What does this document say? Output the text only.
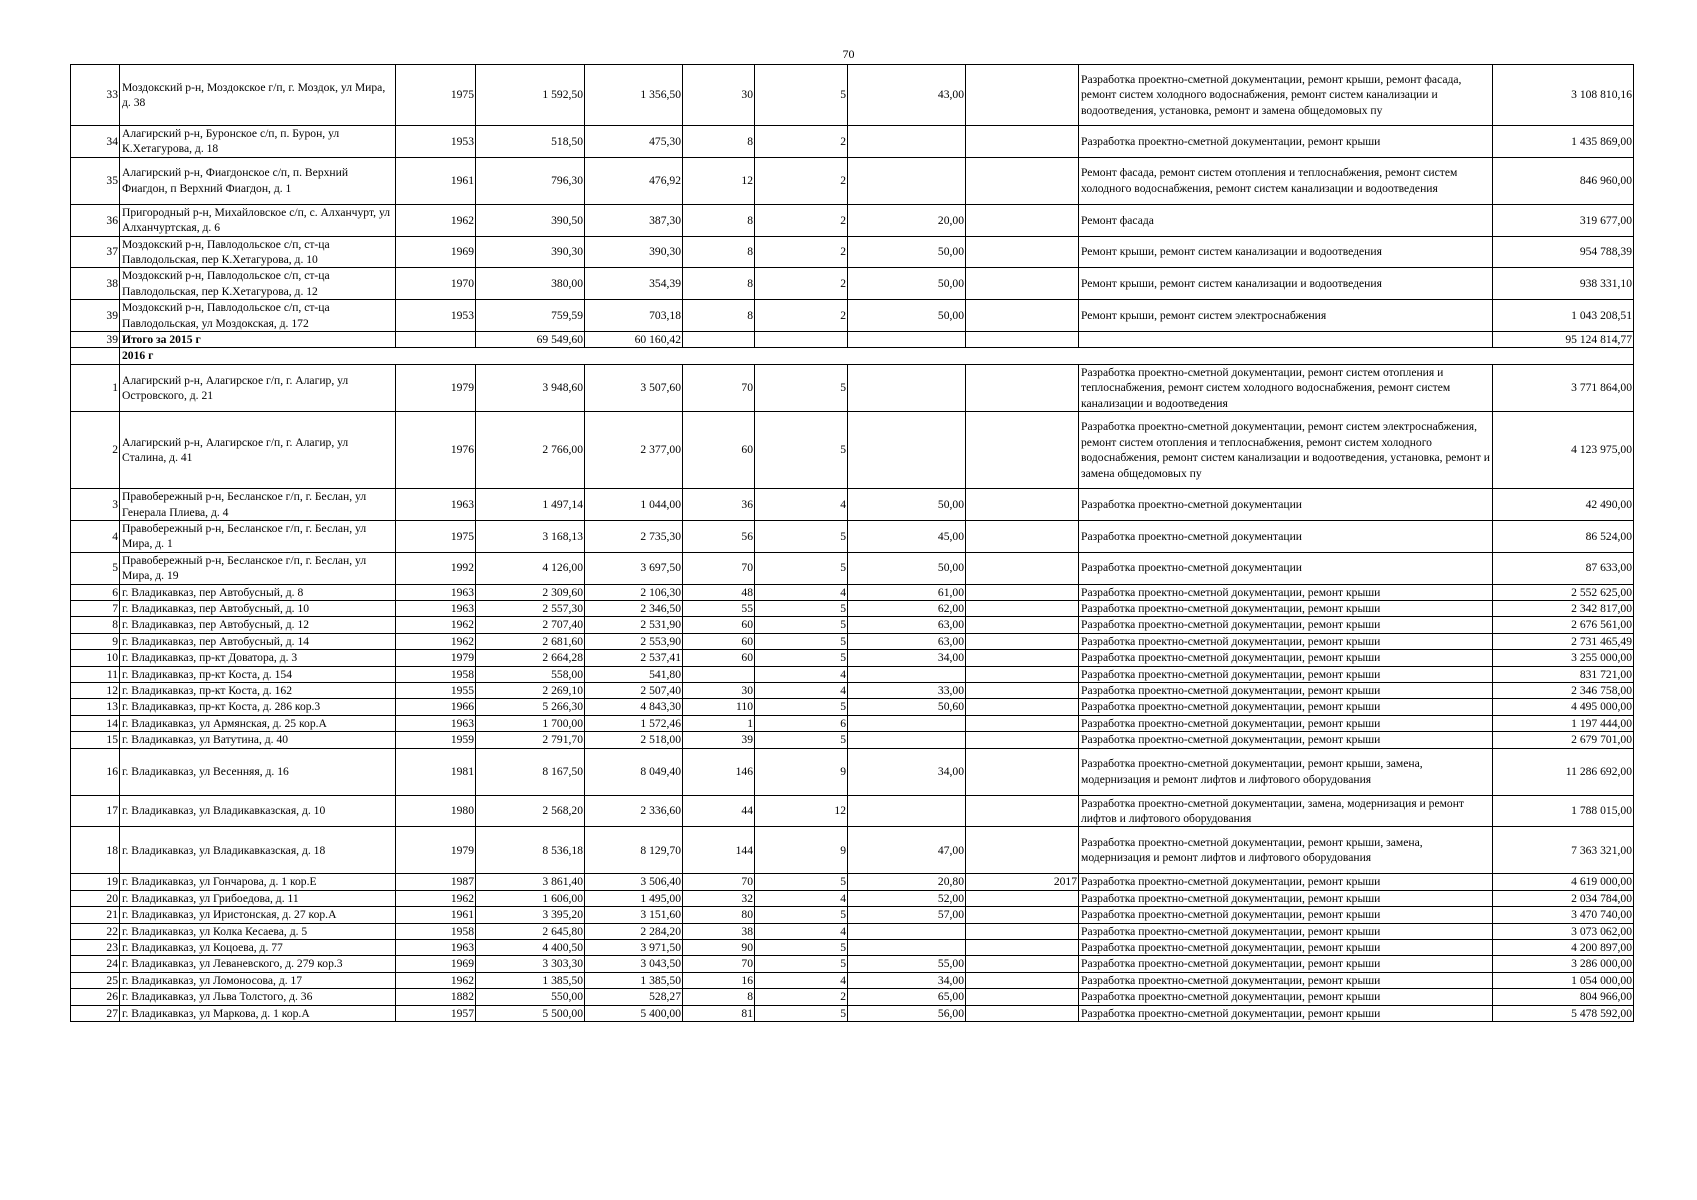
70
33	Моздокский р-н, Моздокское г/п, г. Моздок, ул Мира, д. 38	1975	1 592,50	1 356,50	30	5	43,00		Разработка проектно-сметной документации, ремонт крыши, ремонт фасада, ремонт систем холодного водоснабжения, ремонт систем канализации и водоотведения, установка, ремонт и замена общедомовых пу	3 108 810,16
34	Алагирский р-н, Буронское с/п, п. Бурон, ул К.Хетагурова, д. 18	1953	518,50	475,30	8	2			Разработка проектно-сметной документации, ремонт крыши	1 435 869,00
35	Алагирский р-н, Фиагдонское с/п, п. Верхний Фиагдон, п Верхний Фиагдон, д. 1	1961	796,30	476,92	12	2			Ремонт фасада, ремонт систем отопления и теплоснабжения, ремонт систем холодного водоснабжения, ремонт систем канализации и водоотведения	846 960,00
36	Пригородный р-н, Михайловское с/п, с. Алханчурт, ул Алханчуртская, д. 6	1962	390,50	387,30	8	2	20,00		Ремонт фасада	319 677,00
37	Моздокский р-н, Павлодольское с/п, ст-ца Павлодольская, пер К.Хетагурова, д. 10	1969	390,30	390,30	8	2	50,00		Ремонт крыши, ремонт систем канализации и водоотведения	954 788,39
38	Моздокский р-н, Павлодольское с/п, ст-ца Павлодольская, пер К.Хетагурова, д. 12	1970	380,00	354,39	8	2	50,00		Ремонт крыши, ремонт систем канализации и водоотведения	938 331,10
39	Моздокский р-н, Павлодольское с/п, ст-ца Павлодольская, ул Моздокская, д. 172	1953	759,59	703,18	8	2	50,00		Ремонт крыши, ремонт систем электроснабжения	1 043 208,51
39	Итого за 2015 г		69 549,60	60 160,42						95 124 814,77
	2016 г									
1	Алагирский р-н, Алагирское г/п, г. Алагир, ул Островского, д. 21	1979	3 948,60	3 507,60	70	5			Разработка проектно-сметной документации, ремонт систем отопления и теплоснабжения, ремонт систем холодного водоснабжения, ремонт систем канализации и водоотведения	3 771 864,00
2	Алагирский р-н, Алагирское г/п, г. Алагир, ул Сталина, д. 41	1976	2 766,00	2 377,00	60	5			Разработка проектно-сметной документации, ремонт систем электроснабжения, ремонт систем отопления и теплоснабжения, ремонт систем холодного водоснабжения, ремонт систем канализации и водоотведения, установка, ремонт и замена общедомовых пу	4 123 975,00
3	Правобережный р-н, Бесланское г/п, г. Беслан, ул Генерала Плиева, д. 4	1963	1 497,14	1 044,00	36	4	50,00		Разработка проектно-сметной документации	42 490,00
4	Правобережный р-н, Бесланское г/п, г. Беслан, ул Мира, д. 1	1975	3 168,13	2 735,30	56	5	45,00		Разработка проектно-сметной документации	86 524,00
5	Правобережный р-н, Бесланское г/п, г. Беслан, ул Мира, д. 19	1992	4 126,00	3 697,50	70	5	50,00		Разработка проектно-сметной документации	87 633,00
6	г. Владикавказ, пер Автобусный, д. 8	1963	2 309,60	2 106,30	48	4	61,00		Разработка проектно-сметной документации, ремонт крыши	2 552 625,00
7	г. Владикавказ, пер Автобусный, д. 10	1963	2 557,30	2 346,50	55	5	62,00		Разработка проектно-сметной документации, ремонт крыши	2 342 817,00
8	г. Владикавказ, пер Автобусный, д. 12	1962	2 707,40	2 531,90	60	5	63,00		Разработка проектно-сметной документации, ремонт крыши	2 676 561,00
9	г. Владикавказ, пер Автобусный, д. 14	1962	2 681,60	2 553,90	60	5	63,00		Разработка проектно-сметной документации, ремонт крыши	2 731 465,49
10	г. Владикавказ, пр-кт Доватора, д. 3	1979	2 664,28	2 537,41	60	5	34,00		Разработка проектно-сметной документации, ремонт крыши	3 255 000,00
11	г. Владикавказ, пр-кт Коста, д. 154	1958	558,00	541,80		4			Разработка проектно-сметной документации, ремонт крыши	831 721,00
12	г. Владикавказ, пр-кт Коста, д. 162	1955	2 269,10	2 507,40	30	4	33,00		Разработка проектно-сметной документации, ремонт крыши	2 346 758,00
13	г. Владикавказ, пр-кт Коста, д. 286 кор.3	1966	5 266,30	4 843,30	110	5	50,60		Разработка проектно-сметной документации, ремонт крыши	4 495 000,00
14	г. Владикавказ, ул Армянская, д. 25 кор.А	1963	1 700,00	1 572,46	1	6			Разработка проектно-сметной документации, ремонт крыши	1 197 444,00
15	г. Владикавказ, ул Ватутина, д. 40	1959	2 791,70	2 518,00	39	5			Разработка проектно-сметной документации, ремонт крыши	2 679 701,00
16	г. Владикавказ, ул Весенняя, д. 16	1981	8 167,50	8 049,40	146	9	34,00		Разработка проектно-сметной документации, ремонт крыши, замена, модернизация и ремонт лифтов и лифтового оборудования	11 286 692,00
17	г. Владикавказ, ул Владикавказская, д. 10	1980	2 568,20	2 336,60	44	12			Разработка проектно-сметной документации, замена, модернизация и ремонт лифтов и лифтового оборудования	1 788 015,00
18	г. Владикавказ, ул Владикавказская, д. 18	1979	8 536,18	8 129,70	144	9	47,00		Разработка проектно-сметной документации, ремонт крыши, замена, модернизация и ремонт лифтов и лифтового оборудования	7 363 321,00
19	г. Владикавказ, ул Гончарова, д. 1 кор.Е	1987	3 861,40	3 506,40	70	5	20,80	2017	Разработка проектно-сметной документации, ремонт крыши	4 619 000,00
20	г. Владикавказ, ул Грибоедова, д. 11	1962	1 606,00	1 495,00	32	4	52,00		Разработка проектно-сметной документации, ремонт крыши	2 034 784,00
21	г. Владикавказ, ул Иристонская, д. 27 кор.А	1961	3 395,20	3 151,60	80	5	57,00		Разработка проектно-сметной документации, ремонт крыши	3 470 740,00
22	г. Владикавказ, ул Колка Кесаева, д. 5	1958	2 645,80	2 284,20	38	4			Разработка проектно-сметной документации, ремонт крыши	3 073 062,00
23	г. Владикавказ, ул Коцоева, д. 77	1963	4 400,50	3 971,50	90	5			Разработка проектно-сметной документации, ремонт крыши	4 200 897,00
24	г. Владикавказ, ул Леваневского, д. 279 кор.3	1969	3 303,30	3 043,50	70	5	55,00		Разработка проектно-сметной документации, ремонт крыши	3 286 000,00
25	г. Владикавказ, ул Ломоносова, д. 17	1962	1 385,50	1 385,50	16	4	34,00		Разработка проектно-сметной документации, ремонт крыши	1 054 000,00
26	г. Владикавказ, ул Льва Толстого, д. 36	1882	550,00	528,27	8	2	65,00		Разработка проектно-сметной документации, ремонт крыши	804 966,00
27	г. Владикавказ, ул Маркова, д. 1 кор.А	1957	5 500,00	5 400,00	81	5	56,00		Разработка проектно-сметной документации, ремонт крыши	5 478 592,00
